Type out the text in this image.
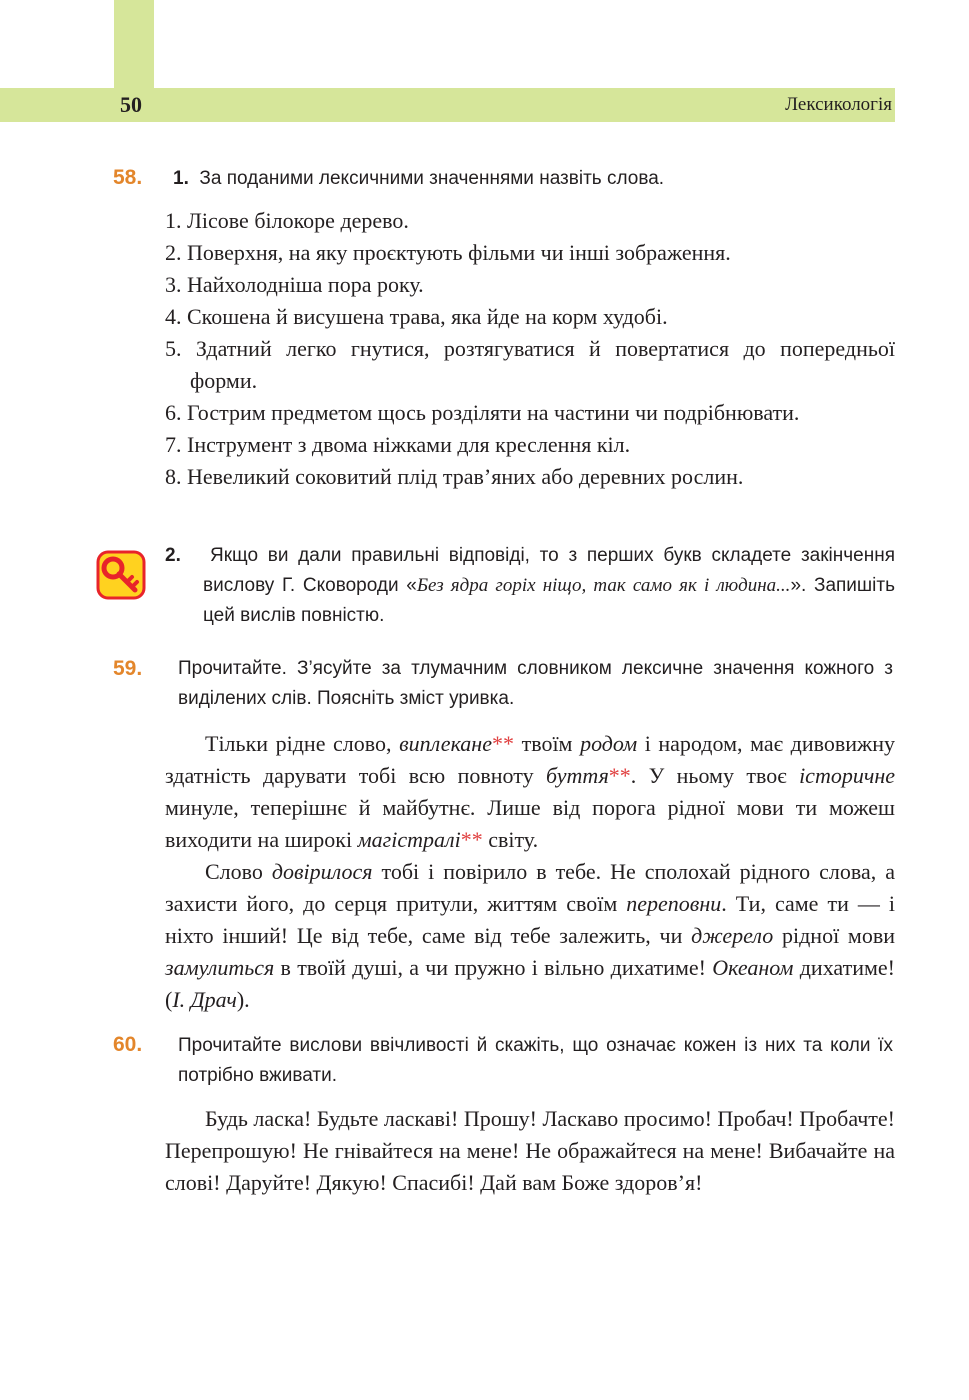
50	Лексикологія
58. 1. За поданими лексичними значеннями назвіть слова.
1. Лісове білокоре дерево.
2. Поверхня, на яку проєктують фільми чи інші зображення.
3. Найхолодніша пора року.
4. Скошена й висушена трава, яка йде на корм худобі.
5. Здатний легко гнутися, розтягуватися й повертатися до попередньої форми.
6. Гострим предметом щось розділяти на частини чи подрібнювати.
7. Інструмент з двома ніжками для креслення кіл.
8. Невеликий соковитий плід трав’яних або деревних рослин.
2. Якщо ви дали правильні відповіді, то з перших букв складете закінчення вислову Г. Сковороди «Без ядра горіх ніщо, так само як і людина...». Запишіть цей вислів повністю.
59. Прочитайте. З’ясуйте за тлумачним словником лексичне значення кожного з виділених слів. Поясніть зміст уривка.

Тільки рідне слово, виплекане** твоїм родом і народом, має дивовижну здатність дарувати тобі всю повноту буття**. У ньому твоє історичне минуле, теперішнє й майбутнє. Лише від порога рідної мови ти можеш виходити на широкі магістралі** світу.

Слово довірилося тобі і повірило в тебе. Не сполохай рідного слова, а захисти його, до серця притули, життям своїм переповни. Ти, саме ти — і ніхто інший! Це від тебе, саме від тебе залежить, чи джерело рідної мови замулиться в твоїй душі, а чи пружно і вільно дихатиме! Океаном дихатиме! (І. Драч).

60. Прочитайте вислови ввічливості й скажіть, що означає кожен із них та коли їх потрібно вживати.

Будь ласка! Будьте ласкаві! Прошу! Ласкаво просимо! Пробач! Пробачте! Перепрошую! Не гнівайтеся на мене! Не ображайтеся на мене! Вибачайте на слові! Даруйте! Дякую! Спасибі! Дай вам Боже здоров’я!
